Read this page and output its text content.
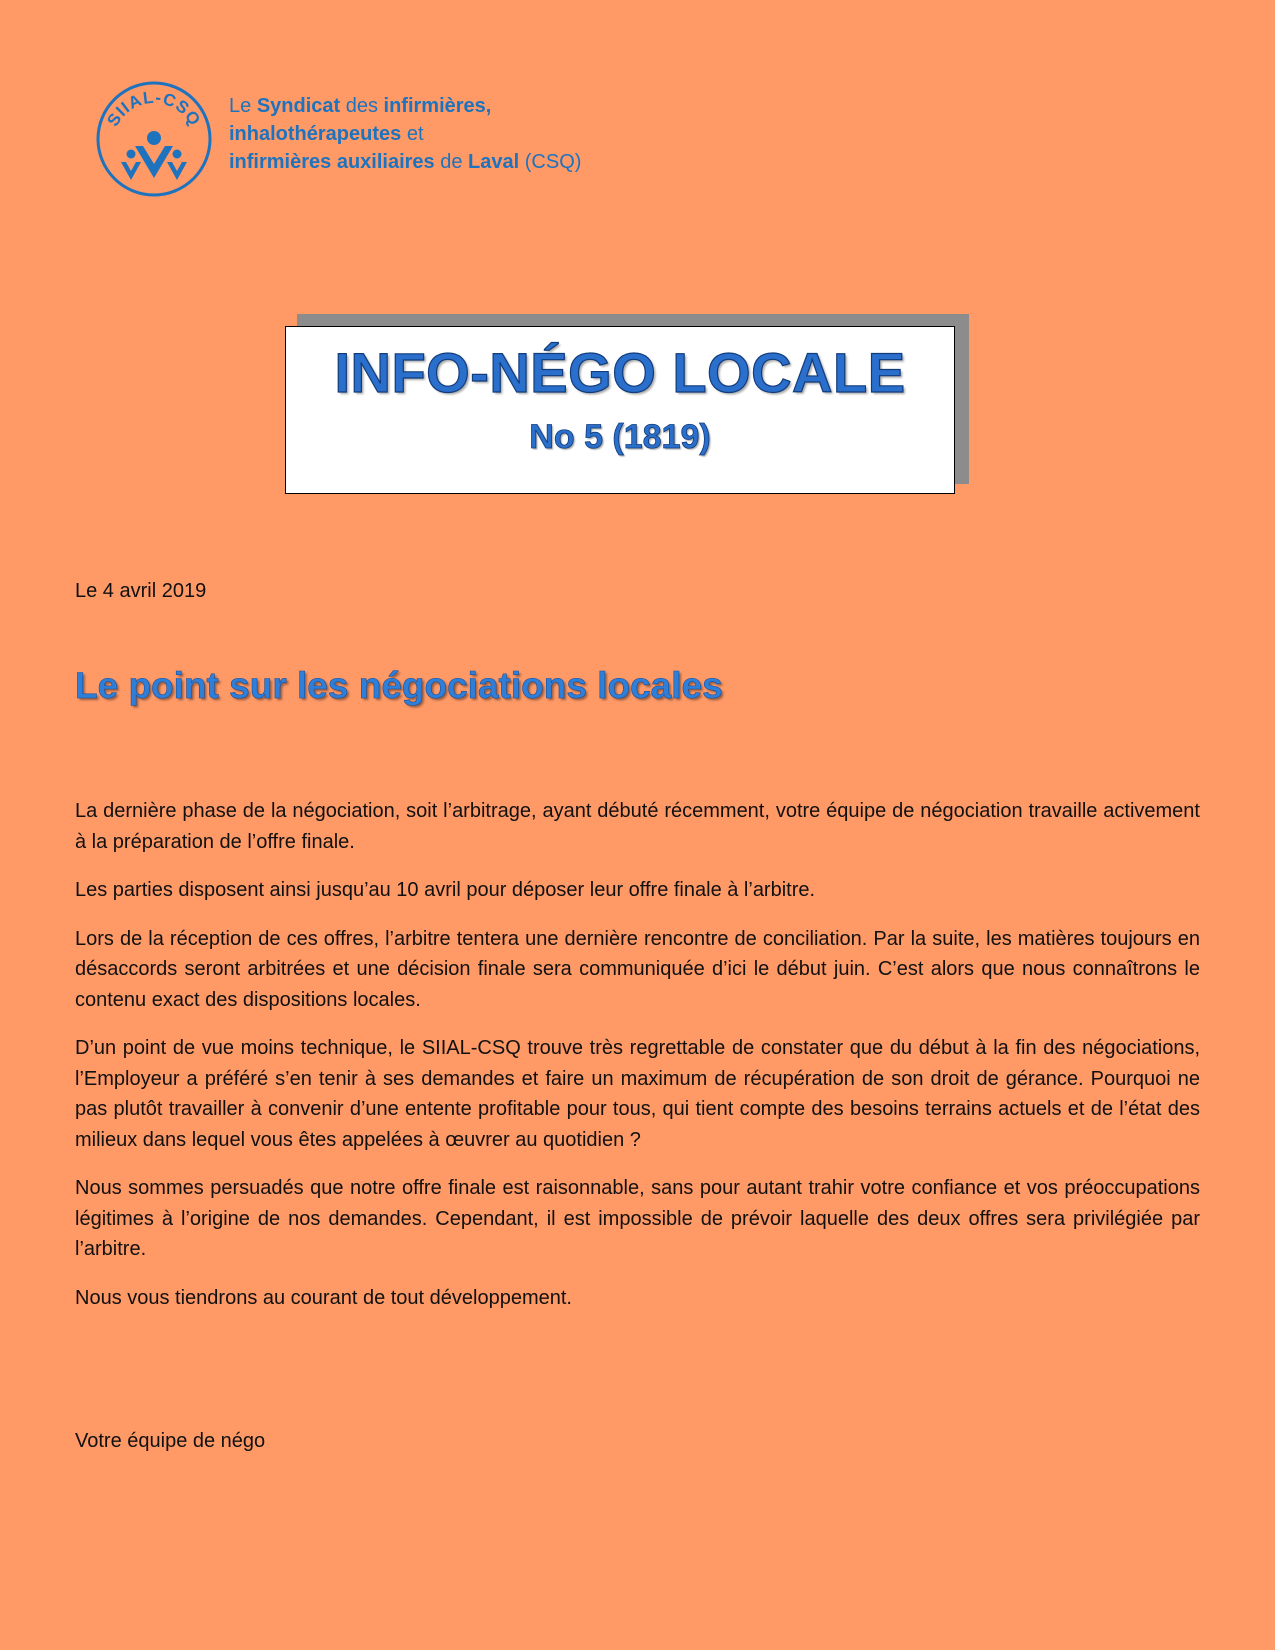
SIIAL-CSQ
Le Syndicat des infirmières,
inhalothérapeutes et
infirmières auxiliaires de Laval (CSQ)
INFO-NÉGO LOCALE
No 5 (1819)
Le 4 avril 2019
Le point sur les négociations locales

La dernière phase de la négociation, soit l’arbitrage, ayant débuté récemment, votre équipe de négociation travaille activement à la préparation de l’offre finale.

Les parties disposent ainsi jusqu’au 10 avril pour déposer leur offre finale à l’arbitre.

Lors de la réception de ces offres, l’arbitre tentera une dernière rencontre de conciliation. Par la suite, les matières toujours en désaccords seront arbitrées et une décision finale sera communiquée d’ici le début juin. C’est alors que nous connaîtrons le contenu exact des dispositions locales.

D’un point de vue moins technique, le SIIAL-CSQ trouve très regrettable de constater que du début à la fin des négociations, l’Employeur a préféré s’en tenir à ses demandes et faire un maximum de récupération de son droit de gérance. Pourquoi ne pas plutôt travailler à convenir d’une entente profitable pour tous, qui tient compte des besoins terrains actuels et de l’état des milieux dans lequel vous êtes appelées à œuvrer au quotidien ?

Nous sommes persuadés que notre offre finale est raisonnable, sans pour autant trahir votre confiance et vos préoccupations légitimes à l’origine de nos demandes. Cependant, il est impossible de prévoir laquelle des deux offres sera privilégiée par l’arbitre.

Nous vous tiendrons au courant de tout développement.

Votre équipe de négo
